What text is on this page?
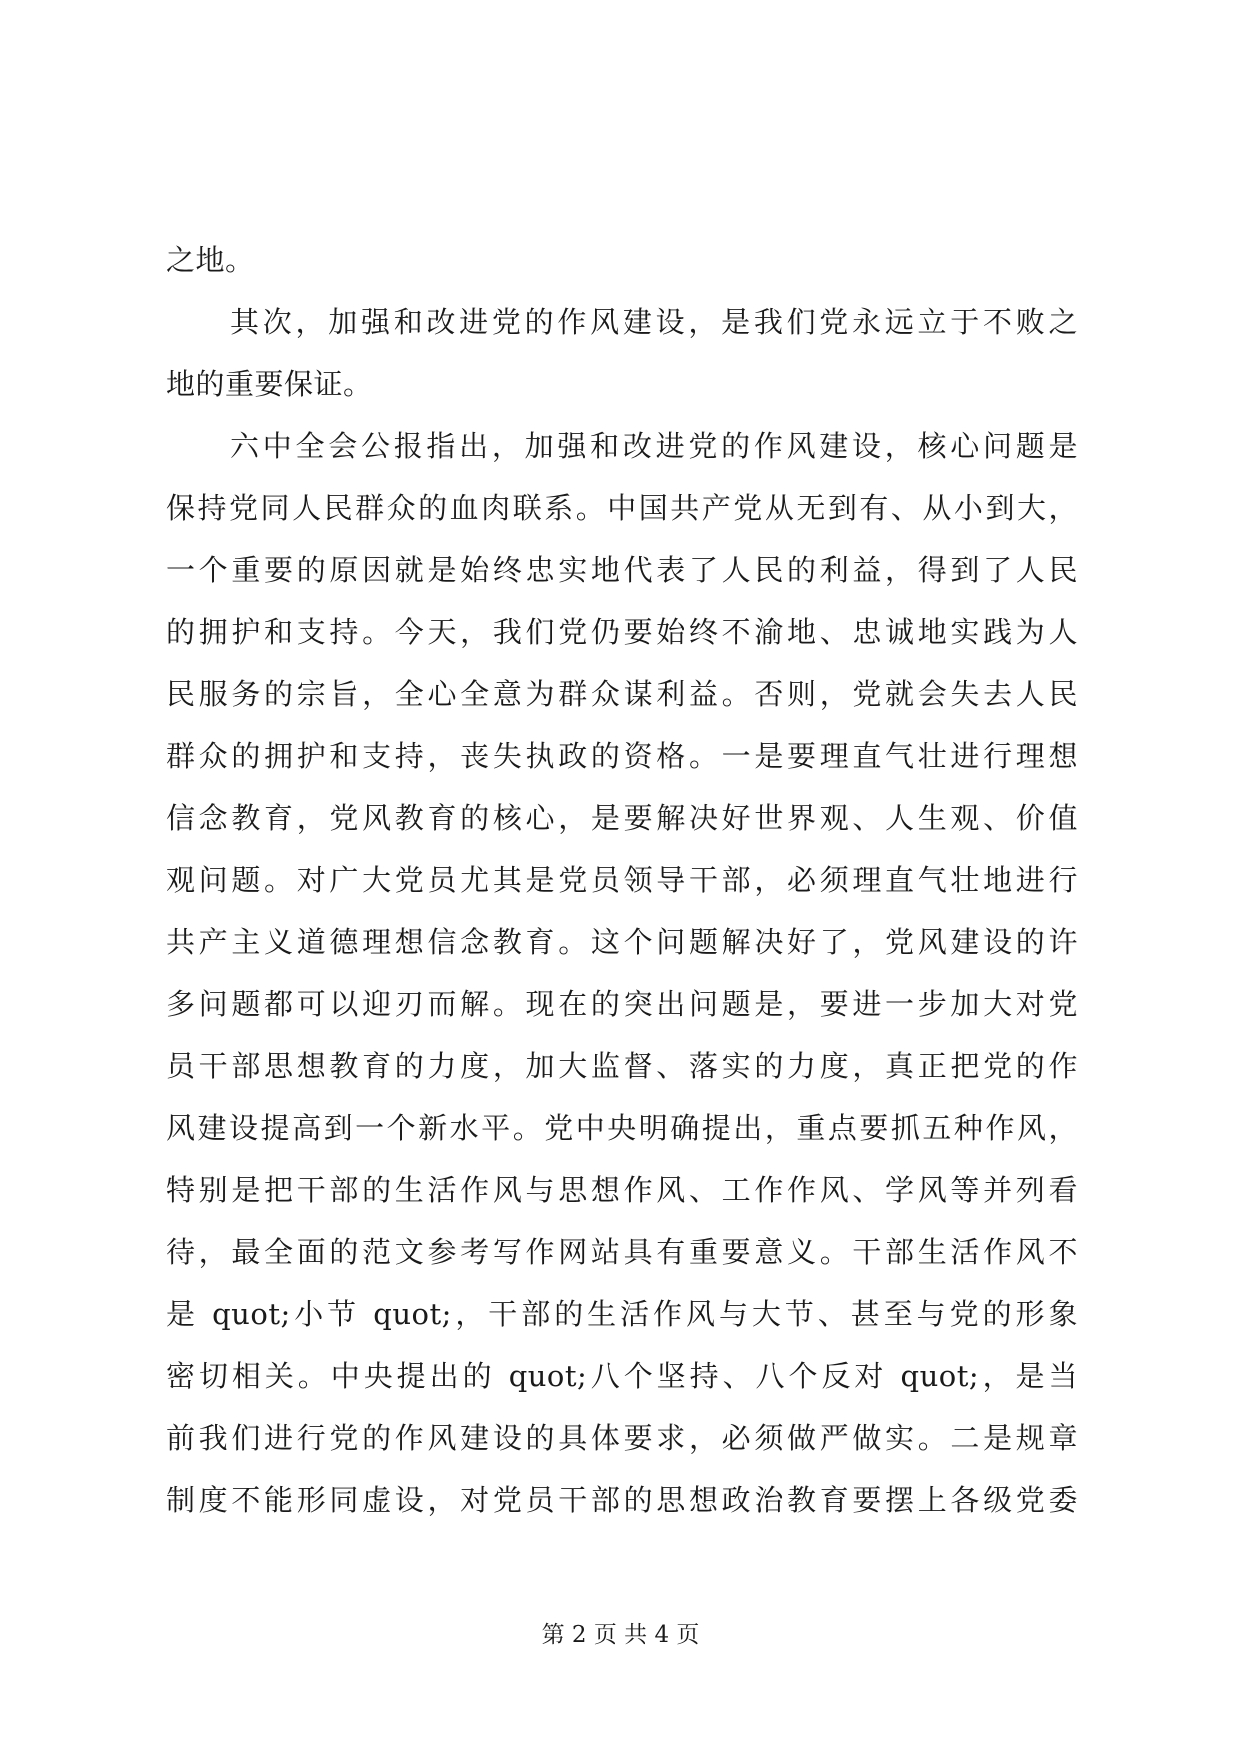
之地。
其次，加强和改进党的作风建设，是我们党永远立于不败之
地的重要保证。
六中全会公报指出，加强和改进党的作风建设，核心问题是
保持党同人民群众的血肉联系。中国共产党从无到有、从小到大，
一个重要的原因就是始终忠实地代表了人民的利益，得到了人民
的拥护和支持。今天，我们党仍要始终不渝地、忠诚地实践为人
民服务的宗旨，全心全意为群众谋利益。否则，党就会失去人民
群众的拥护和支持，丧失执政的资格。一是要理直气壮进行理想
信念教育，党风教育的核心，是要解决好世界观、人生观、价值
观问题。对广大党员尤其是党员领导干部，必须理直气壮地进行
共产主义道德理想信念教育。这个问题解决好了，党风建设的许
多问题都可以迎刃而解。现在的突出问题是，要进一步加大对党
员干部思想教育的力度，加大监督、落实的力度，真正把党的作
风建设提高到一个新水平。党中央明确提出，重点要抓五种作风，
特别是把干部的生活作风与思想作风、工作作风、学风等并列看
待，最全面的范文参考写作网站具有重要意义。干部生活作风不
是 quot;小节 quot;，干部的生活作风与大节、甚至与党的形象
密切相关。中央提出的 quot;八个坚持、八个反对 quot;，是当
前我们进行党的作风建设的具体要求，必须做严做实。二是规章
制度不能形同虚设，对党员干部的思想政治教育要摆上各级党委
第 2 页 共 4 页
